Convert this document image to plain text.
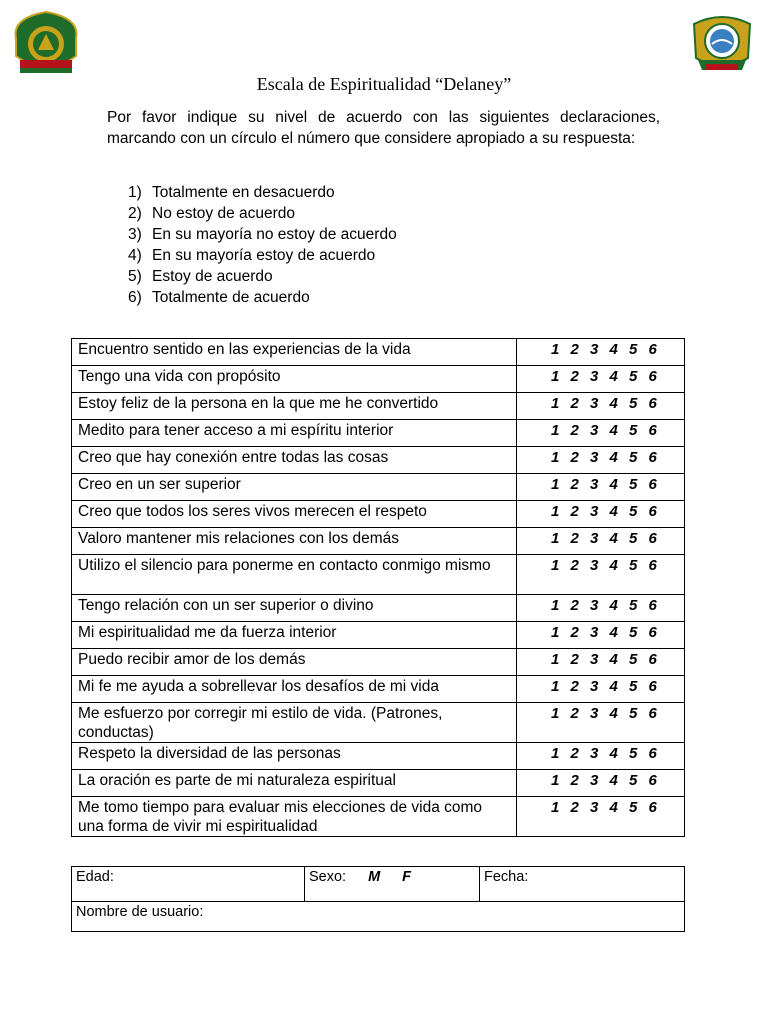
Escala de Espiritualidad “Delaney”
Por favor indique su nivel de acuerdo con las siguientes declaraciones, marcando con un círculo el número que considere apropiado a su respuesta:
1) Totalmente en desacuerdo
2) No estoy de acuerdo
3) En su mayoría no estoy de acuerdo
4) En su mayoría estoy de acuerdo
5) Estoy de acuerdo
6) Totalmente de acuerdo
Encuentro sentido en las experiencias de la vida	1 2 3 4 5 6
Tengo una vida con propósito	1 2 3 4 5 6
Estoy feliz de la persona en la que me he convertido	1 2 3 4 5 6
Medito para tener acceso a mi espíritu interior	1 2 3 4 5 6
Creo que hay conexión entre todas las cosas	1 2 3 4 5 6
Creo en un ser superior	1 2 3 4 5 6
Creo que todos los seres vivos merecen el respeto	1 2 3 4 5 6
Valoro mantener mis relaciones con los demás	1 2 3 4 5 6
Utilizo el silencio para ponerme en contacto conmigo mismo	1 2 3 4 5 6
Tengo relación con un ser superior o divino	1 2 3 4 5 6
Mi espiritualidad me da fuerza interior	1 2 3 4 5 6
Puedo recibir amor de los demás	1 2 3 4 5 6
Mi fe me ayuda a sobrellevar los desafíos de mi vida	1 2 3 4 5 6
Me esfuerzo por corregir mi estilo de vida. (Patrones, conductas)	1 2 3 4 5 6
Respeto la diversidad de las personas	1 2 3 4 5 6
La oración es parte de mi naturaleza espiritual	1 2 3 4 5 6
Me tomo tiempo para evaluar mis elecciones de vida como una forma de vivir mi espiritualidad	1 2 3 4 5 6
Edad:	Sexo: M F	Fecha:
Nombre de usuario:
